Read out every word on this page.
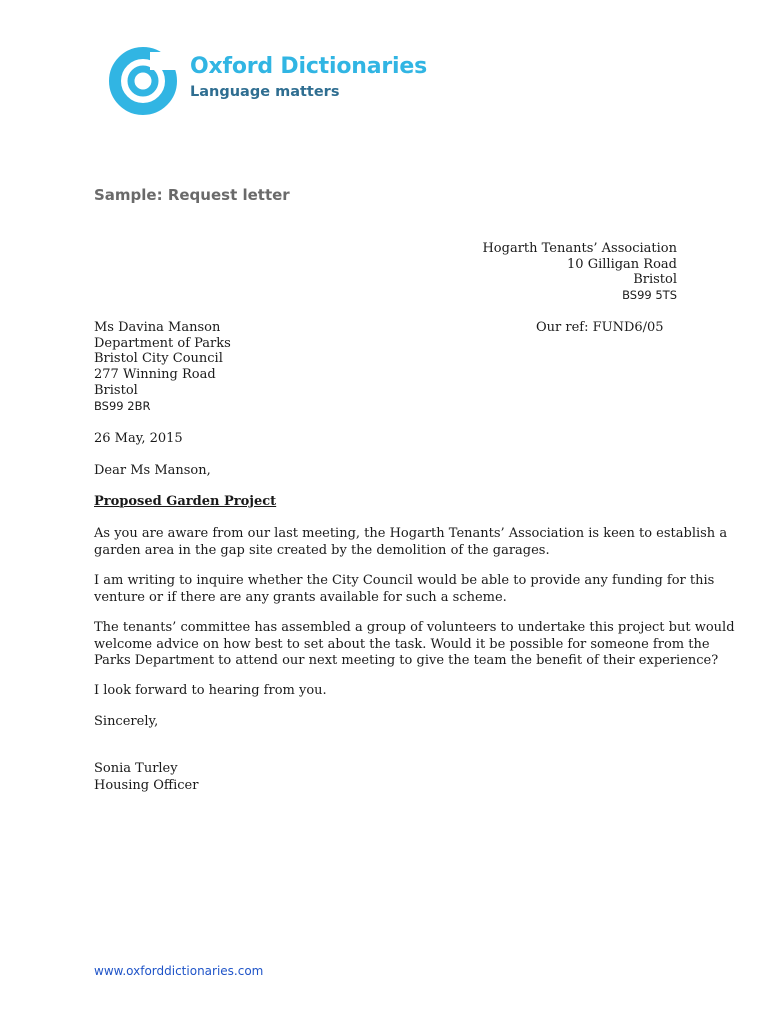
Oxford Dictionaries
Language matters
Sample: Request letter
Hogarth Tenants’ Association
10 Gilligan Road
Bristol
BS99 5TS
Our ref: FUND6/05
Ms Davina Manson
Department of Parks
Bristol City Council
277 Winning Road
Bristol
BS99 2BR
26 May, 2015
Dear Ms Manson,
Proposed Garden Project
As you are aware from our last meeting, the Hogarth Tenants’ Association is keen to establish a
garden area in the gap site created by the demolition of the garages.
I am writing to inquire whether the City Council would be able to provide any funding for this
venture or if there are any grants available for such a scheme.
The tenants’ committee has assembled a group of volunteers to undertake this project but would
welcome advice on how best to set about the task. Would it be possible for someone from the
Parks Department to attend our next meeting to give the team the benefit of their experience?
I look forward to hearing from you.
Sincerely,
Sonia Turley
Housing Officer
www.oxforddictionaries.com
